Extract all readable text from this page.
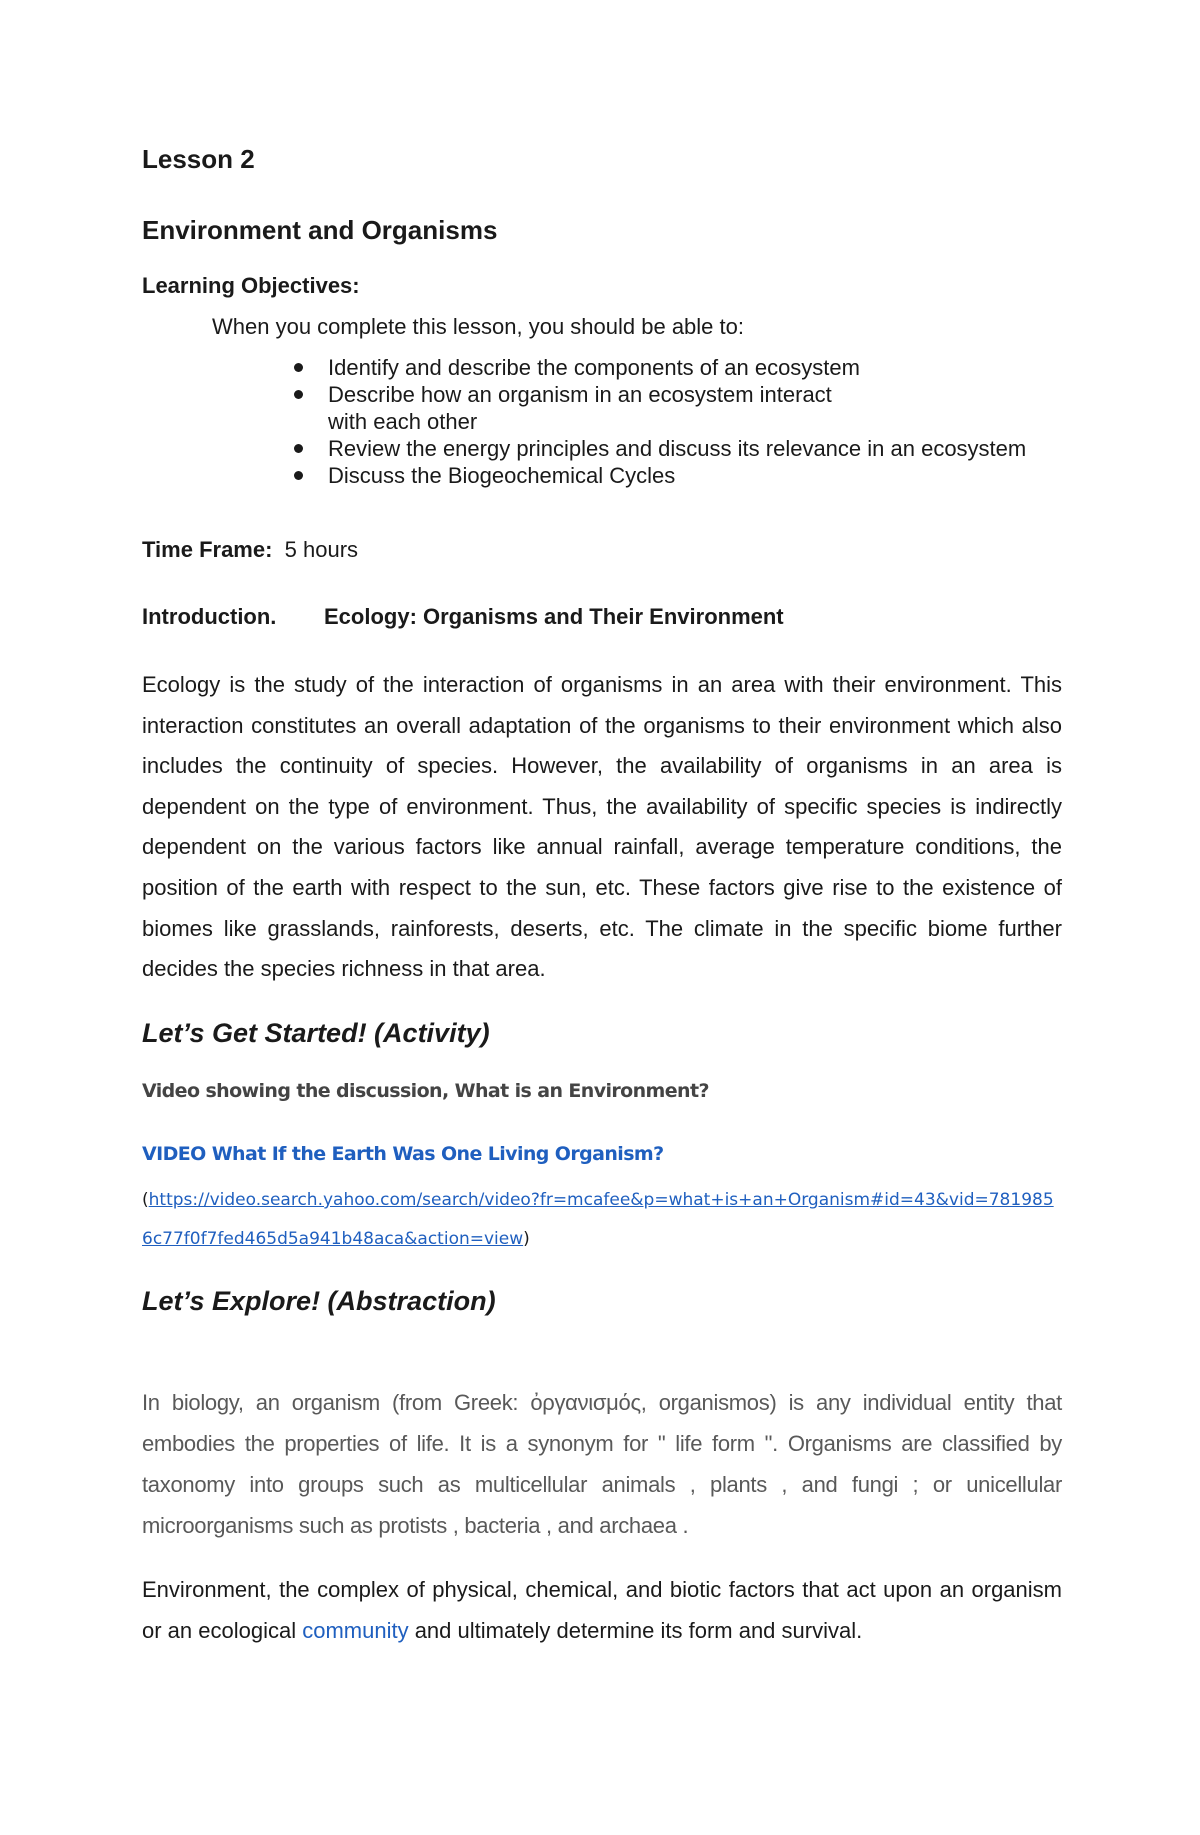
Lesson 2
Environment and Organisms
Learning Objectives:
When you complete this lesson, you should be able to:
Identify and describe the components of an ecosystem
Describe how an organism in an ecosystem interact with each other
Review the energy principles and discuss its relevance in an ecosystem
Discuss the Biogeochemical Cycles
Time Frame: 5 hours
Introduction. Ecology: Organisms and Their Environment
Ecology is the study of the interaction of organisms in an area with their environment. This interaction constitutes an overall adaptation of the organisms to their environment which also includes the continuity of species. However, the availability of organisms in an area is dependent on the type of environment. Thus, the availability of specific species is indirectly dependent on the various factors like annual rainfall, average temperature conditions, the position of the earth with respect to the sun, etc. These factors give rise to the existence of biomes like grasslands, rainforests, deserts, etc. The climate in the specific biome further decides the species richness in that area.
Let’s Get Started! (Activity)
Video showing the discussion, What is an Environment?
VIDEO What If the Earth Was One Living Organism?
(https://video.search.yahoo.com/search/video?fr=mcafee&p=what+is+an+Organism#id=43&vid=7819856c77f0f7fed465d5a941b48aca&action=view)
Let’s Explore! (Abstraction)
In biology, an organism (from Greek: ὀργανισμός, organismos) is any individual entity that embodies the properties of life. It is a synonym for " life form ". Organisms are classified by taxonomy into groups such as multicellular animals , plants , and fungi ; or unicellular microorganisms such as protists , bacteria , and archaea .
Environment, the complex of physical, chemical, and biotic factors that act upon an organism or an ecological community and ultimately determine its form and survival.
